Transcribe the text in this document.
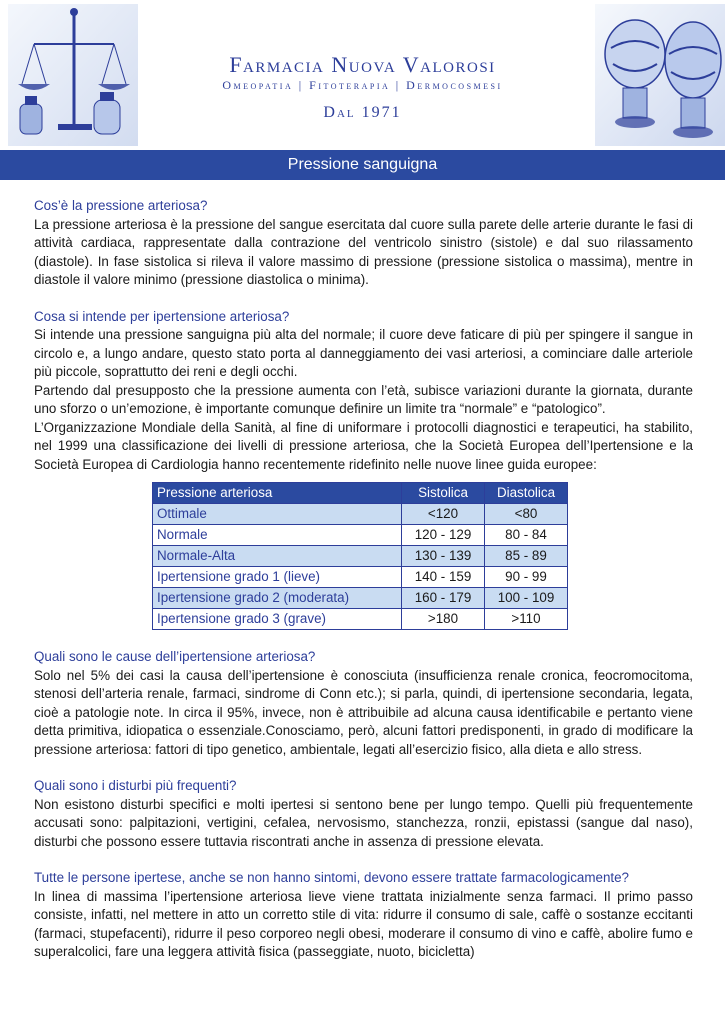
Farmacia Nuova Valorosi
Omeopatia | Fitoterapia | Dermocosmesi
Dal 1971
Pressione sanguigna

Cos’è la pressione arteriosa?

La pressione arteriosa è la pressione del sangue esercitata dal cuore sulla parete delle arterie durante le fasi di attività cardiaca, rappresentate dalla contrazione del ventricolo sinistro (sistole) e dal suo rilassamento (diastole). In fase sistolica si rileva il valore massimo di pressione (pressione sistolica o massima), mentre in diastole il valore minimo (pressione diastolica o minima).

Cosa si intende per ipertensione arteriosa?

Si intende una pressione sanguigna più alta del normale; il cuore deve faticare di più per spingere il sangue in circolo e, a lungo andare, questo stato porta al danneggiamento dei vasi arteriosi, a cominciare dalle arteriole più piccole, soprattutto dei reni e degli occhi.

Partendo dal presupposto che la pressione aumenta con l’età, subisce variazioni durante la giornata, durante uno sforzo o un’emozione, è importante comunque definire un limite tra “normale” e “patologico”.

L’Organizzazione Mondiale della Sanità, al fine di uniformare i protocolli diagnostici e terapeutici, ha stabilito, nel 1999 una classificazione dei livelli di pressione arteriosa, che la Società Europea dell’Ipertensione e la Società Europea di Cardiologia hanno recentemente ridefinito nelle nuove linee guida europee:

Pressione arteriosa	Sistolica	Diastolica
Ottimale	<120	<80
Normale	120 - 129	80 - 84
Normale-Alta	130 - 139	85 - 89
Ipertensione grado 1 (lieve)	140 - 159	90 - 99
Ipertensione grado 2 (moderata)	160 - 179	100 - 109
Ipertensione grado 3 (grave)	>180	>110

Quali sono le cause dell’ipertensione arteriosa?

Solo nel 5% dei casi la causa dell’ipertensione è conosciuta (insufficienza renale cronica, feocromocitoma, stenosi dell’arteria renale, farmaci, sindrome di Conn etc.); si parla, quindi, di ipertensione secondaria, legata, cioè a patologie note. In circa il 95%, invece, non è attribuibile ad alcuna causa identificabile e pertanto viene detta primitiva, idiopatica o essenziale.Conosciamo, però, alcuni fattori predisponenti, in grado di modificare la pressione arteriosa: fattori di tipo genetico, ambientale, legati all’esercizio fisico, alla dieta e allo stress.

Quali sono i disturbi più frequenti?

Non esistono disturbi specifici e molti ipertesi si sentono bene per lungo tempo. Quelli più frequentemente accusati sono: palpitazioni, vertigini, cefalea, nervosismo, stanchezza, ronzii, epistassi (sangue dal naso), disturbi che possono essere tuttavia riscontrati anche in assenza di pressione elevata.

Tutte le persone ipertese, anche se non hanno sintomi, devono essere trattate farmacologicamente?

In linea di massima l’ipertensione arteriosa lieve viene trattata inizialmente senza farmaci. Il primo passo consiste, infatti, nel mettere in atto un corretto stile di vita: ridurre il consumo di sale, caffè o sostanze eccitanti (farmaci, stupefacenti), ridurre il peso corporeo negli obesi, moderare il consumo di vino e caffè, abolire fumo e superalcolici, fare una leggera attività fisica (passeggiate, nuoto, bicicletta)
